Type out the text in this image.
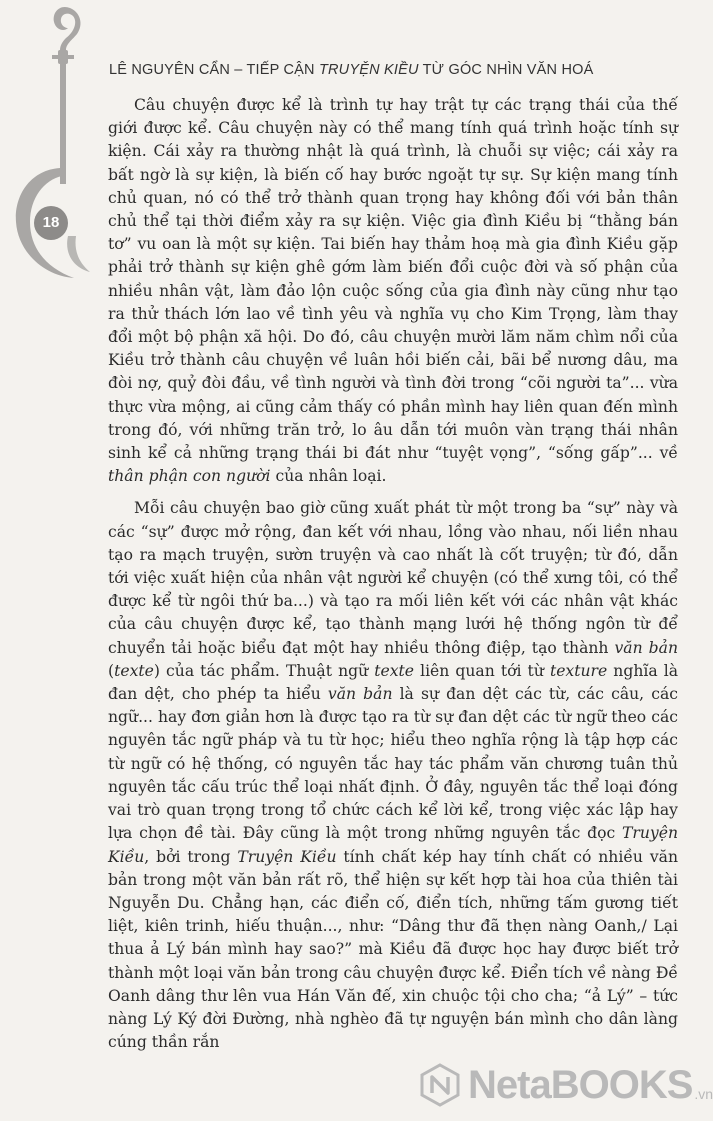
LÊ NGUYÊN CẨN – TIẾP CẬN TRUYỆN KIỀU TỪ GÓC NHÌN VĂN HOÁ
18

Câu chuyện được kể là trình tự hay trật tự các trạng thái của thế giới được kể. Câu chuyện này có thể mang tính quá trình hoặc tính sự kiện. Cái xảy ra thường nhật là quá trình, là chuỗi sự việc; cái xảy ra bất ngờ là sự kiện, là biến cố hay bước ngoặt tự sự. Sự kiện mang tính chủ quan, nó có thể trở thành quan trọng hay không đối với bản thân chủ thể tại thời điểm xảy ra sự kiện. Việc gia đình Kiều bị “thằng bán tơ” vu oan là một sự kiện. Tai biến hay thảm hoạ mà gia đình Kiều gặp phải trở thành sự kiện ghê gớm làm biến đổi cuộc đời và số phận của nhiều nhân vật, làm đảo lộn cuộc sống của gia đình này cũng như tạo ra thử thách lớn lao về tình yêu và nghĩa vụ cho Kim Trọng, làm thay đổi một bộ phận xã hội. Do đó, câu chuyện mười lăm năm chìm nổi của Kiều trở thành câu chuyện về luân hồi biến cải, bãi bể nương dâu, ma đòi nợ, quỷ đòi đầu, về tình người và tình đời trong “cõi người ta”... vừa thực vừa mộng, ai cũng cảm thấy có phần mình hay liên quan đến mình trong đó, với những trăn trở, lo âu dẫn tới muôn vàn trạng thái nhân sinh kể cả những trạng thái bi đát như “tuyệt vọng”, “sống gấp”... về thân phận con người của nhân loại.

Mỗi câu chuyện bao giờ cũng xuất phát từ một trong ba “sự” này và các “sự” được mở rộng, đan kết với nhau, lồng vào nhau, nối liền nhau tạo ra mạch truyện, sườn truyện và cao nhất là cốt truyện; từ đó, dẫn tới việc xuất hiện của nhân vật người kể chuyện (có thể xưng tôi, có thể được kể từ ngôi thứ ba...) và tạo ra mối liên kết với các nhân vật khác của câu chuyện được kể, tạo thành mạng lưới hệ thống ngôn từ để chuyển tải hoặc biểu đạt một hay nhiều thông điệp, tạo thành văn bản (texte) của tác phẩm. Thuật ngữ texte liên quan tới từ texture nghĩa là đan dệt, cho phép ta hiểu văn bản là sự đan dệt các từ, các câu, các ngữ... hay đơn giản hơn là được tạo ra từ sự đan dệt các từ ngữ theo các nguyên tắc ngữ pháp và tu từ học; hiểu theo nghĩa rộng là tập hợp các từ ngữ có hệ thống, có nguyên tắc hay tác phẩm văn chương tuân thủ nguyên tắc cấu trúc thể loại nhất định. Ở đây, nguyên tắc thể loại đóng vai trò quan trọng trong tổ chức cách kể lời kể, trong việc xác lập hay lựa chọn đề tài. Đây cũng là một trong những nguyên tắc đọc Truyện Kiều, bởi trong Truyện Kiều tính chất kép hay tính chất có nhiều văn bản trong một văn bản rất rõ, thể hiện sự kết hợp tài hoa của thiên tài Nguyễn Du. Chẳng hạn, các điển cố, điển tích, những tấm gương tiết liệt, kiên trinh, hiếu thuận..., như: “Dâng thư đã thẹn nàng Oanh,/ Lại thua ả Lý bán mình hay sao?” mà Kiều đã được học hay được biết trở thành một loại văn bản trong câu chuyện được kể. Điển tích về nàng Đề Oanh dâng thư lên vua Hán Văn đế, xin chuộc tội cho cha; “ả Lý” – tức nàng Lý Ký đời Đường, nhà nghèo đã tự nguyện bán mình cho dân làng cúng thần rắn

NetaBOOKS .vn
